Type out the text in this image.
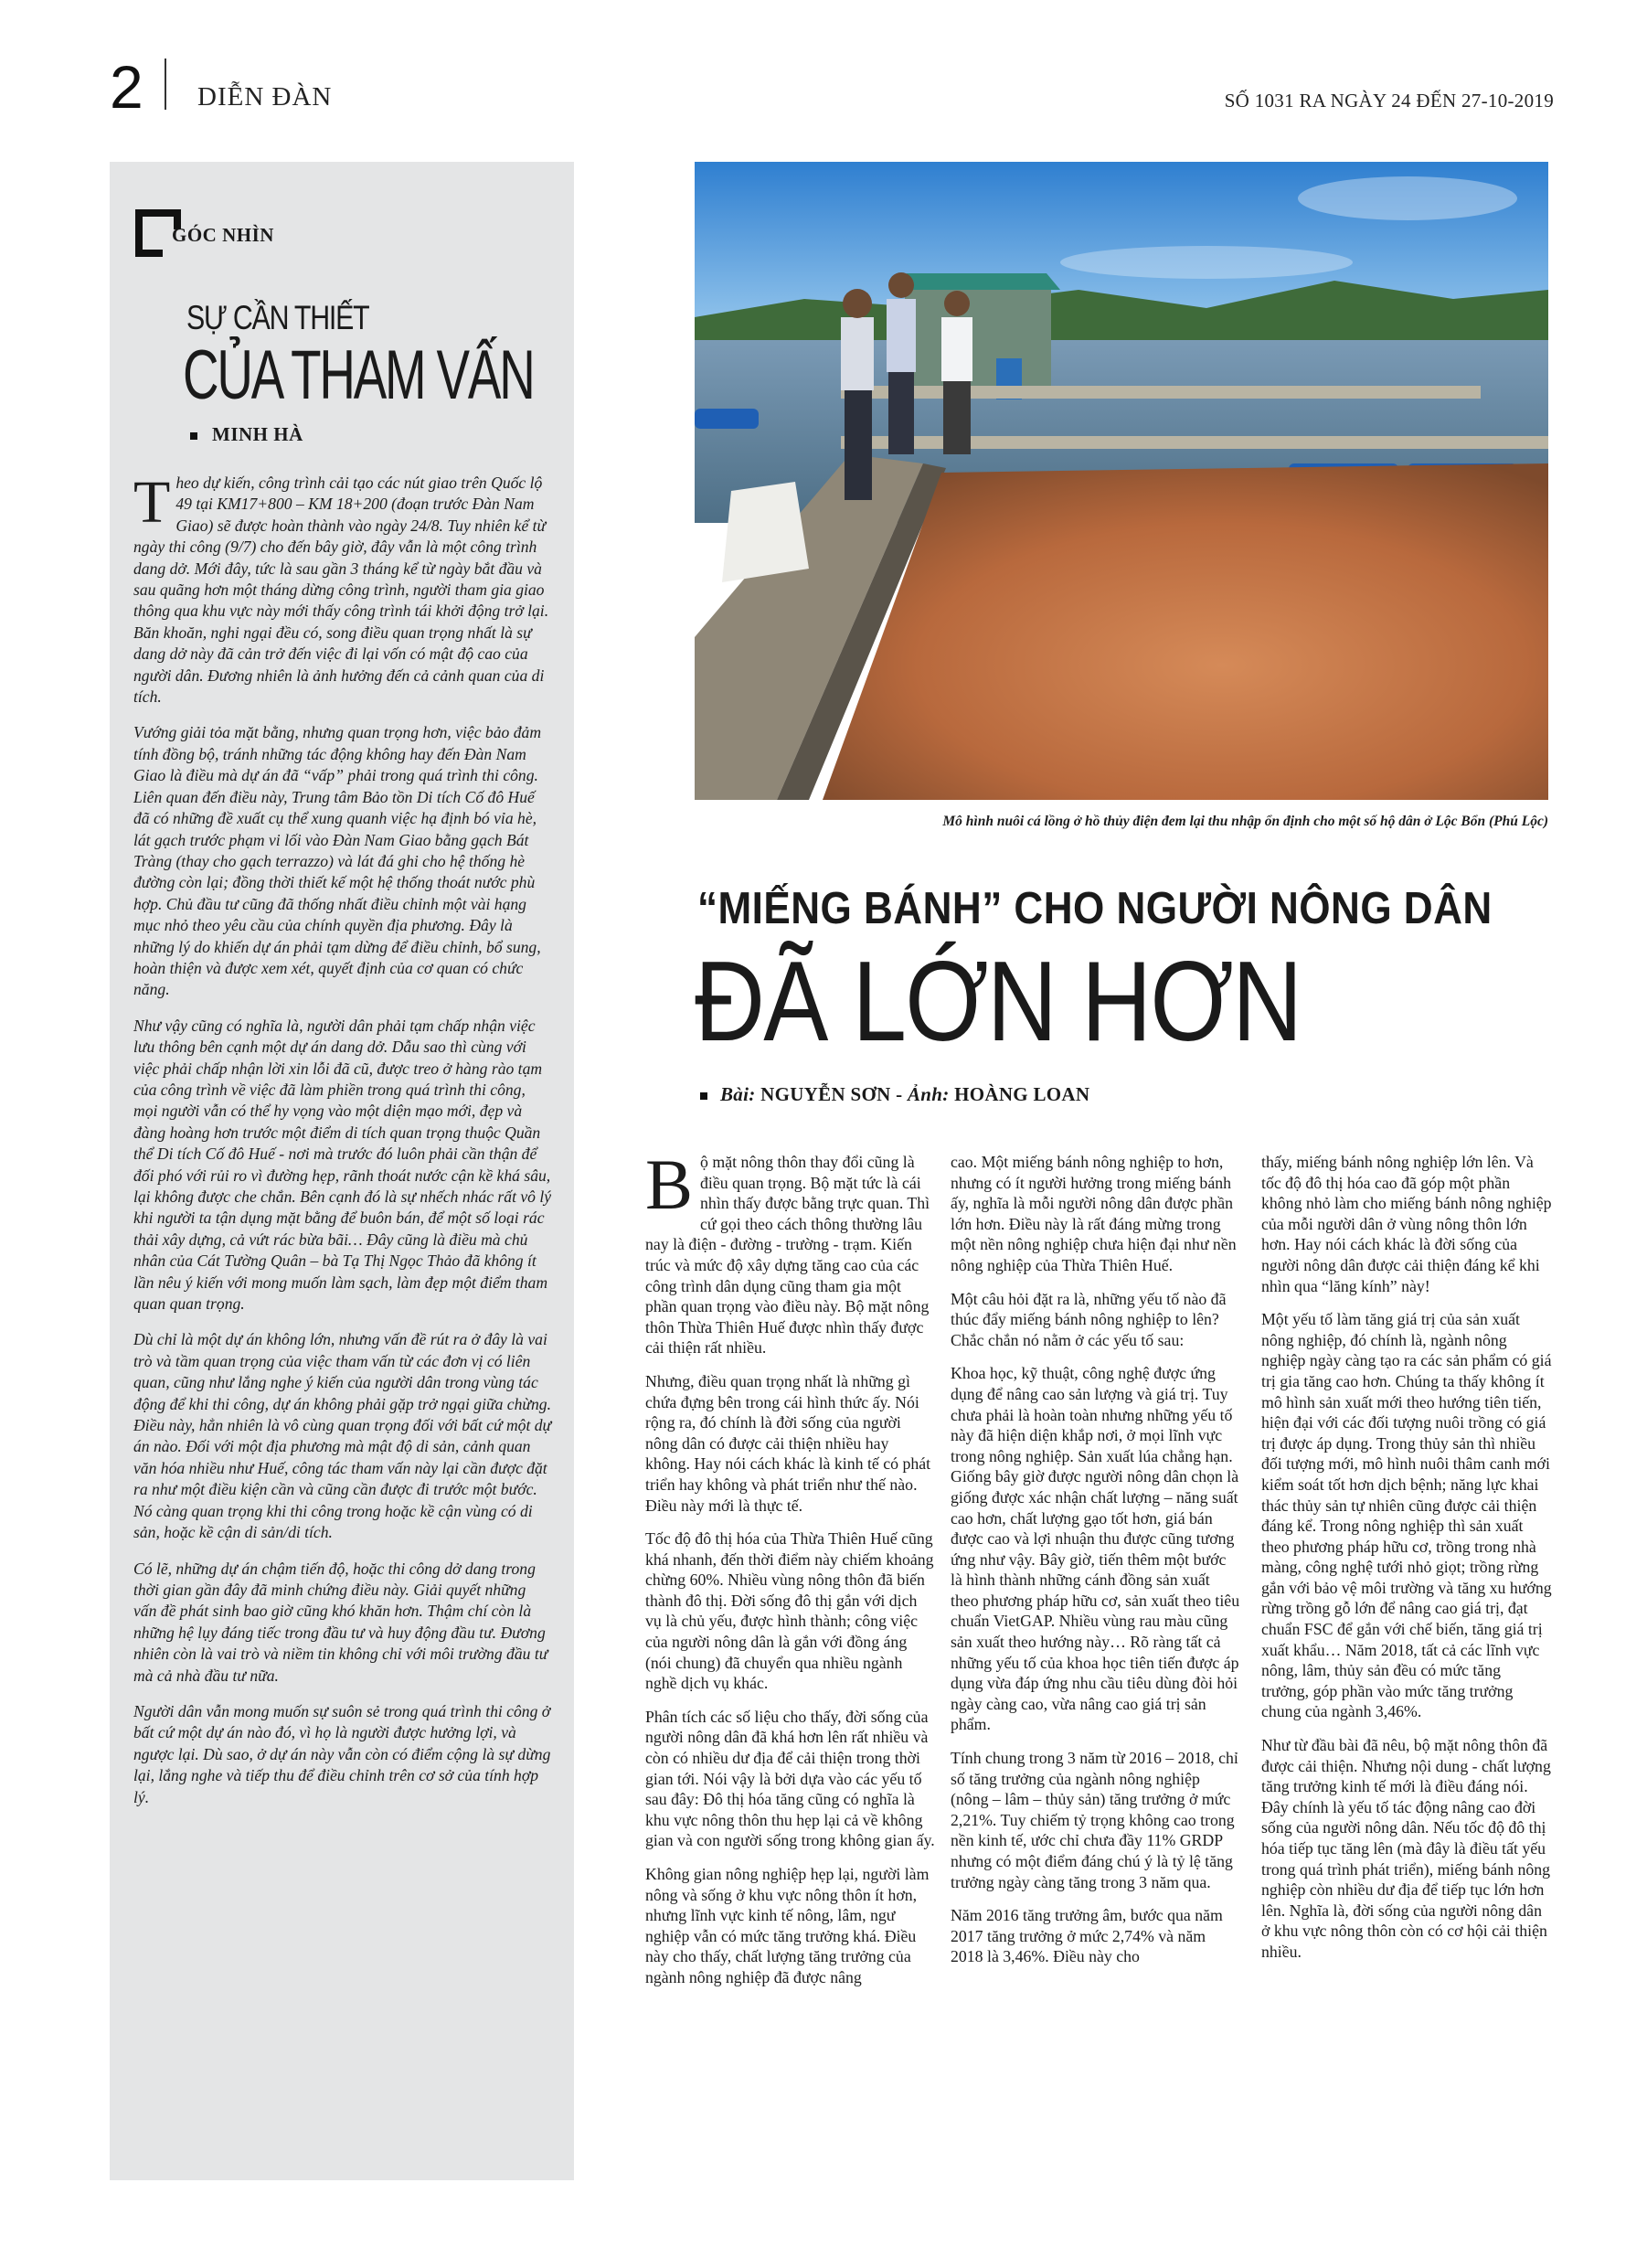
2 DIỄN ĐÀN	SỐ 1031 RA NGÀY 24 ĐẾN 27-10-2019
GÓC NHÌN
SỰ CẦN THIẾT
CỦA THAM VẤN
MINH HÀ

Theo dự kiến, công trình cải tạo các nút giao trên Quốc lộ 49 tại KM17+800 – KM 18+200 (đoạn trước Đàn Nam Giao) sẽ được hoàn thành vào ngày 24/8. Tuy nhiên kể từ ngày thi công (9/7) cho đến bây giờ, đây vẫn là một công trình dang dở. Mới đây, tức là sau gần 3 tháng kể từ ngày bắt đầu và sau quãng hơn một tháng dừng công trình, người tham gia giao thông qua khu vực này mới thấy công trình tái khởi động trở lại. Băn khoăn, nghi ngại đều có, song điều quan trọng nhất là sự dang dở này đã cản trở đến việc đi lại vốn có mật độ cao của người dân. Đương nhiên là ảnh hưởng đến cả cảnh quan của di tích.

Vướng giải tỏa mặt bằng, nhưng quan trọng hơn, việc bảo đảm tính đồng bộ, tránh những tác động không hay đến Đàn Nam Giao là điều mà dự án đã “vấp” phải trong quá trình thi công. Liên quan đến điều này, Trung tâm Bảo tồn Di tích Cố đô Huế đã có những đề xuất cụ thể xung quanh việc hạ định bó vỉa hè, lát gạch trước phạm vi lối vào Đàn Nam Giao bằng gạch Bát Tràng (thay cho gạch terrazzo) và lát đá ghi cho hệ thống hè đường còn lại; đồng thời thiết kế một hệ thống thoát nước phù hợp. Chủ đầu tư cũng đã thống nhất điều chỉnh một vài hạng mục nhỏ theo yêu cầu của chính quyền địa phương. Đây là những lý do khiến dự án phải tạm dừng để điều chỉnh, bổ sung, hoàn thiện và được xem xét, quyết định của cơ quan có chức năng.

Như vậy cũng có nghĩa là, người dân phải tạm chấp nhận việc lưu thông bên cạnh một dự án dang dở. Dẫu sao thì cùng với việc phải chấp nhận lời xin lỗi đã cũ, được treo ở hàng rào tạm của công trình về việc đã làm phiền trong quá trình thi công, mọi người vẫn có thể hy vọng vào một diện mạo mới, đẹp và đàng hoàng hơn trước một điểm di tích quan trọng thuộc Quần thể Di tích Cố đô Huế - nơi mà trước đó luôn phải cần thận để đối phó với rủi ro vì đường hẹp, rãnh thoát nước cận kề khá sâu, lại không được che chắn. Bên cạnh đó là sự nhếch nhác rất vô lý khi người ta tận dụng mặt bằng để buôn bán, để một số loại rác thải xây dựng, cả vứt rác bừa bãi… Đây cũng là điều mà chủ nhân của Cát Tường Quân – bà Tạ Thị Ngọc Thảo đã không ít lần nêu ý kiến với mong muốn làm sạch, làm đẹp một điểm tham quan quan trọng.

Dù chỉ là một dự án không lớn, nhưng vấn đề rút ra ở đây là vai trò và tầm quan trọng của việc tham vấn từ các đơn vị có liên quan, cũng như lắng nghe ý kiến của người dân trong vùng tác động để khi thi công, dự án không phải gặp trở ngại giữa chừng. Điều này, hẳn nhiên là vô cùng quan trọng đối với bất cứ một dự án nào. Đối với một địa phương mà mật độ di sản, cảnh quan văn hóa nhiều như Huế, công tác tham vấn này lại cần được đặt ra như một điều kiện cần và cũng cần được đi trước một bước. Nó càng quan trọng khi thi công trong hoặc kề cận vùng có di sản, hoặc kề cận di sản/di tích.

Có lẽ, những dự án chậm tiến độ, hoặc thi công dở dang trong thời gian gần đây đã minh chứng điều này. Giải quyết những vấn đề phát sinh bao giờ cũng khó khăn hơn. Thậm chí còn là những hệ lụy đáng tiếc trong đầu tư và huy động đầu tư. Đương nhiên còn là vai trò và niềm tin không chỉ với môi trường đầu tư mà cả nhà đầu tư nữa.

Người dân vẫn mong muốn sự suôn sẻ trong quá trình thi công ở bất cứ một dự án nào đó, vì họ là người được hưởng lợi, và ngược lại. Dù sao, ở dự án này vẫn còn có điểm cộng là sự dừng lại, lắng nghe và tiếp thu để điều chỉnh trên cơ sở của tính hợp lý.

Mô hình nuôi cá lồng ở hồ thủy điện đem lại thu nhập ổn định cho một số hộ dân ở Lộc Bổn (Phú Lộc)
“MIẾNG BÁNH” CHO NGƯỜI NÔNG DÂN
ĐÃ LỚN HƠN
Bài: NGUYỄN SƠN - Ảnh: HOÀNG LOAN

Bộ mặt nông thôn thay đổi cũng là điều quan trọng. Bộ mặt tức là cái nhìn thấy được bằng trực quan. Thì cứ gọi theo cách thông thường lâu nay là điện - đường - trường - trạm. Kiến trúc và mức độ xây dựng tăng cao của các công trình dân dụng cũng tham gia một phần quan trọng vào điều này. Bộ mặt nông thôn Thừa Thiên Huế được nhìn thấy được cải thiện rất nhiều.

Nhưng, điều quan trọng nhất là những gì chứa đựng bên trong cái hình thức ấy. Nói rộng ra, đó chính là đời sống của người nông dân có được cải thiện nhiều hay không. Hay nói cách khác là kinh tế có phát triển hay không và phát triển như thế nào. Điều này mới là thực tế.

Tốc độ đô thị hóa của Thừa Thiên Huế cũng khá nhanh, đến thời điểm này chiếm khoảng chừng 60%. Nhiều vùng nông thôn đã biến thành đô thị. Đời sống đô thị gắn với dịch vụ là chủ yếu, được hình thành; công việc của người nông dân là gắn với đồng áng (nói chung) đã chuyển qua nhiều ngành nghề dịch vụ khác.

Phân tích các số liệu cho thấy, đời sống của người nông dân đã khá hơn lên rất nhiều và còn có nhiều dư địa để cải thiện trong thời gian tới. Nói vậy là bởi dựa vào các yếu tố sau đây: Đô thị hóa tăng cũng có nghĩa là khu vực nông thôn thu hẹp lại cả về không gian và con người sống trong không gian ấy.

Không gian nông nghiệp hẹp lại, người làm nông và sống ở khu vực nông thôn ít hơn, nhưng lĩnh vực kinh tế nông, lâm, ngư nghiệp vẫn có mức tăng trưởng khá. Điều này cho thấy, chất lượng tăng trưởng của ngành nông nghiệp đã được nâng

cao. Một miếng bánh nông nghiệp to hơn, nhưng có ít người hưởng trong miếng bánh ấy, nghĩa là mỗi người nông dân được phần lớn hơn. Điều này là rất đáng mừng trong một nền nông nghiệp chưa hiện đại như nền nông nghiệp của Thừa Thiên Huế.

Một câu hỏi đặt ra là, những yếu tố nào đã thúc đẩy miếng bánh nông nghiệp to lên? Chắc chắn nó nằm ở các yếu tố sau:

Khoa học, kỹ thuật, công nghệ được ứng dụng để nâng cao sản lượng và giá trị. Tuy chưa phải là hoàn toàn nhưng những yếu tố này đã hiện diện khắp nơi, ở mọi lĩnh vực trong nông nghiệp. Sản xuất lúa chẳng hạn. Giống bây giờ được người nông dân chọn là giống được xác nhận chất lượng – năng suất cao hơn, chất lượng gạo tốt hơn, giá bán được cao và lợi nhuận thu được cũng tương ứng như vậy. Bây giờ, tiến thêm một bước là hình thành những cánh đồng sản xuất theo phương pháp hữu cơ, sản xuất theo tiêu chuẩn VietGAP. Nhiều vùng rau màu cũng sản xuất theo hướng này… Rõ ràng tất cả những yếu tố của khoa học tiên tiến được áp dụng vừa đáp ứng nhu cầu tiêu dùng đòi hỏi ngày càng cao, vừa nâng cao giá trị sản phẩm.

Tính chung trong 3 năm từ 2016 – 2018, chỉ số tăng trưởng của ngành nông nghiệp (nông – lâm – thủy sản) tăng trưởng ở mức 2,21%. Tuy chiếm tỷ trọng không cao trong nền kinh tế, ước chỉ chưa đầy 11% GRDP nhưng có một điểm đáng chú ý là tỷ lệ tăng trưởng ngày càng tăng trong 3 năm qua.

Năm 2016 tăng trưởng âm, bước qua năm 2017 tăng trưởng ở mức 2,74% và năm 2018 là 3,46%. Điều này cho

thấy, miếng bánh nông nghiệp lớn lên. Và tốc độ đô thị hóa cao đã góp một phần không nhỏ làm cho miếng bánh nông nghiệp của mỗi người dân ở vùng nông thôn lớn hơn. Hay nói cách khác là đời sống của người nông dân được cải thiện đáng kể khi nhìn qua “lăng kính” này!

Một yếu tố làm tăng giá trị của sản xuất nông nghiệp, đó chính là, ngành nông nghiệp ngày càng tạo ra các sản phẩm có giá trị gia tăng cao hơn. Chúng ta thấy không ít mô hình sản xuất mới theo hướng tiên tiến, hiện đại với các đối tượng nuôi trồng có giá trị được áp dụng. Trong thủy sản thì nhiều đối tượng mới, mô hình nuôi thâm canh mới kiểm soát tốt hơn dịch bệnh; năng lực khai thác thủy sản tự nhiên cũng được cải thiện đáng kể. Trong nông nghiệp thì sản xuất theo phương pháp hữu cơ, trồng trong nhà màng, công nghệ tưới nhỏ giọt; trồng rừng gắn với bảo vệ môi trường và tăng xu hướng rừng trồng gỗ lớn để nâng cao giá trị, đạt chuẩn FSC để gắn với chế biến, tăng giá trị xuất khẩu… Năm 2018, tất cả các lĩnh vực nông, lâm, thủy sản đều có mức tăng trưởng, góp phần vào mức tăng trưởng chung của ngành 3,46%.

Như từ đầu bài đã nêu, bộ mặt nông thôn đã được cải thiện. Nhưng nội dung - chất lượng tăng trưởng kinh tế mới là điều đáng nói. Đây chính là yếu tố tác động nâng cao đời sống của người nông dân. Nếu tốc độ đô thị hóa tiếp tục tăng lên (mà đây là điều tất yếu trong quá trình phát triển), miếng bánh nông nghiệp còn nhiều dư địa để tiếp tục lớn hơn lên. Nghĩa là, đời sống của người nông dân ở khu vực nông thôn còn có cơ hội cải thiện nhiều.
